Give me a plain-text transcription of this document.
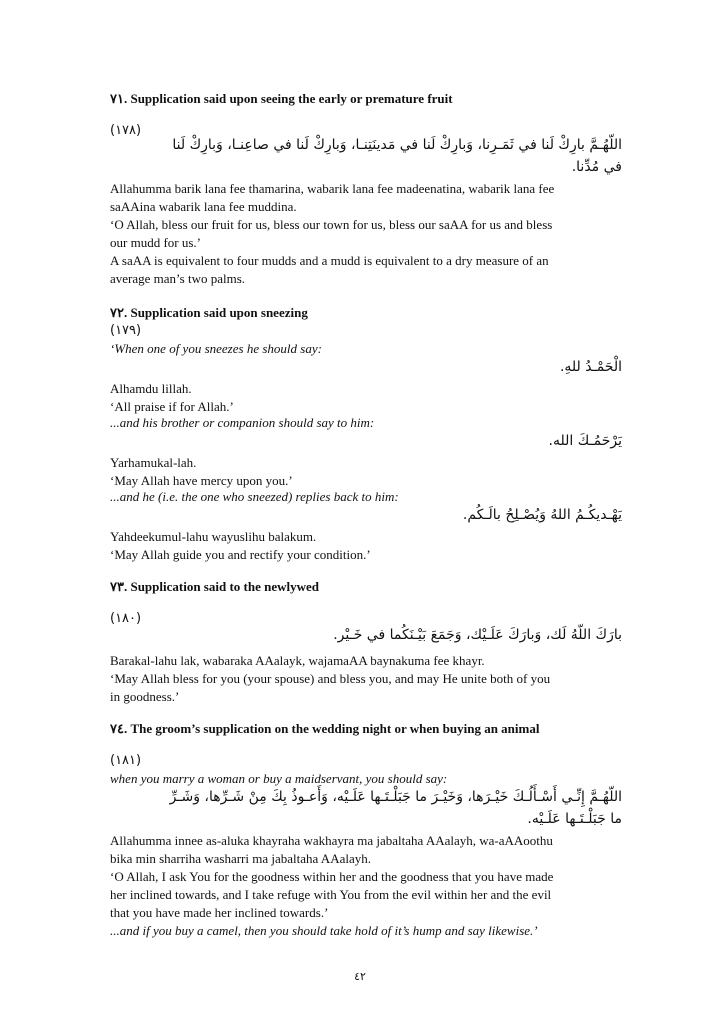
٧١. Supplication said upon seeing the early or premature fruit
(١٧٨)
اللّهُـمَّ بارِكْ لَنا في ثَمَـرِنا، وَبارِكْ لَنا في مَدينَتِنـا، وَبارِكْ لَنا في صاعِنـا، وَبارِكْ لَنا
في مُدِّنا.
Allahumma barik lana fee thamarina, wabarik lana fee madeenatina, wabarik lana fee
saAAina wabarik lana fee muddina.
‘O Allah, bless our fruit for us, bless our town for us, bless our saAA for us and bless
our mudd for us.’
A saAA is equivalent to four mudds and a mudd is equivalent to a dry measure of an
average man’s two palms.
٧٢. Supplication said upon sneezing
(١٧٩)
‘When one of you sneezes he should say:
الْحَمْـدُ للهِ.
Alhamdu lillah.
‘All praise if for Allah.’
...and his brother or companion should say to him:
يَرْحَمُـكَ الله.
Yarhamukal-lah.
‘May Allah have mercy upon you.’
...and he (i.e. the one who sneezed) replies back to him:
يَهْـديكُـمُ اللهُ وَيُصْـلِحُ بالَـكُم.
Yahdeekumul-lahu wayuslihu balakum.
‘May Allah guide you and rectify your condition.’
٧٣. Supplication said to the newlywed
(١٨٠)
بارَكَ اللّهُ لَك، وَبارَكَ عَلَـيْك، وَجَمَعَ بَيْـنَكُما في خَـيْر.
Barakal-lahu lak, wabaraka AAalayk, wajamaAA baynakuma fee khayr.
‘May Allah bless for you (your spouse) and bless you, and may He unite both of you
in goodness.’
٧٤. The groom’s supplication on the wedding night or when buying an animal
(١٨١)
when you marry a woman or buy a maidservant, you should say:
اللّهُـمَّ إِنِّـي أَسْـأَلُـكَ خَيْـرَها، وَخَيْـرَ ما جَبَلْـتَـها عَلَـيْه، وَأَعـوذُ بِكَ مِنْ شَـرِّها، وَشَـرِّ
ما جَبَلْـتَـها عَلَـيْه.
Allahumma innee as-aluka khayraha wakhayra ma jabaltaha AAalayh, wa-aAAoothu
bika min sharriha washarri ma jabaltaha AAalayh.
‘O Allah, I ask You for the goodness within her and the goodness that you have made
her inclined towards, and I take refuge with You from the evil within her and the evil
that you have made her inclined towards.’
...and if you buy a camel, then you should take hold of it’s hump and say likewise.’
٤٢
